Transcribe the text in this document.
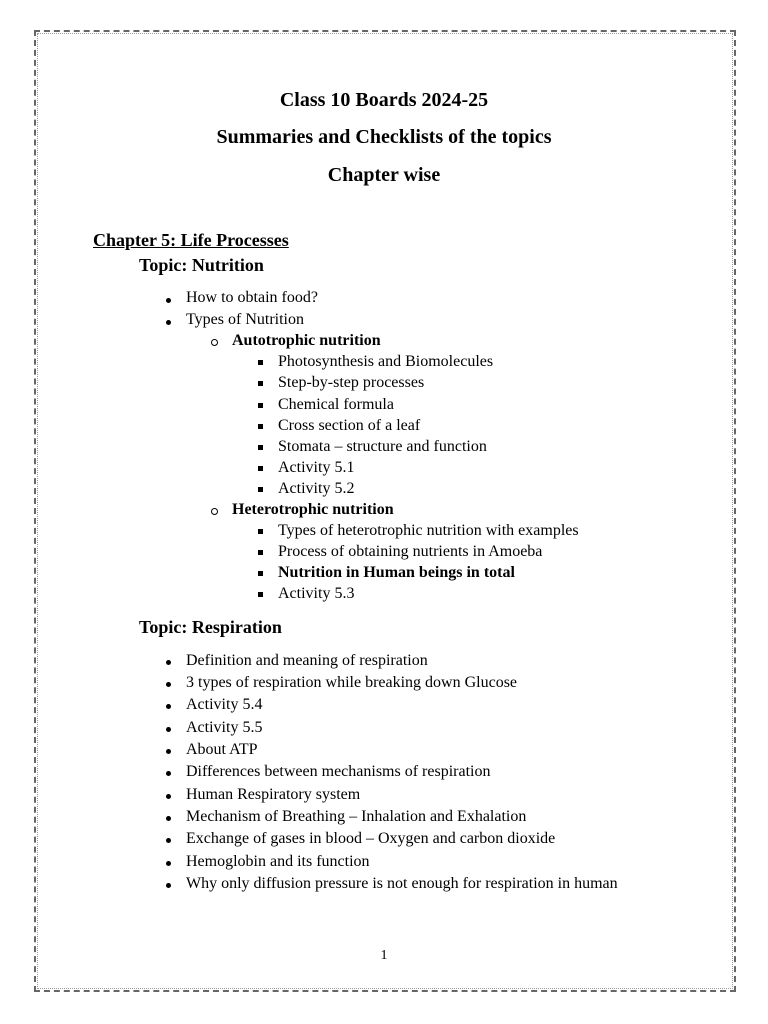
Class 10 Boards 2024-25
Summaries and Checklists of the topics
Chapter wise
Chapter 5: Life Processes
Topic: Nutrition
How to obtain food?
Types of Nutrition
Autotrophic nutrition
Photosynthesis and Biomolecules
Step-by-step processes
Chemical formula
Cross section of a leaf
Stomata – structure and function
Activity 5.1
Activity 5.2
Heterotrophic nutrition
Types of heterotrophic nutrition with examples
Process of obtaining nutrients in Amoeba
Nutrition in Human beings in total
Activity 5.3
Topic: Respiration
Definition and meaning of respiration
3 types of respiration while breaking down Glucose
Activity 5.4
Activity 5.5
About ATP
Differences between mechanisms of respiration
Human Respiratory system
Mechanism of Breathing – Inhalation and Exhalation
Exchange of gases in blood – Oxygen and carbon dioxide
Hemoglobin and its function
Why only diffusion pressure is not enough for respiration in human
1
